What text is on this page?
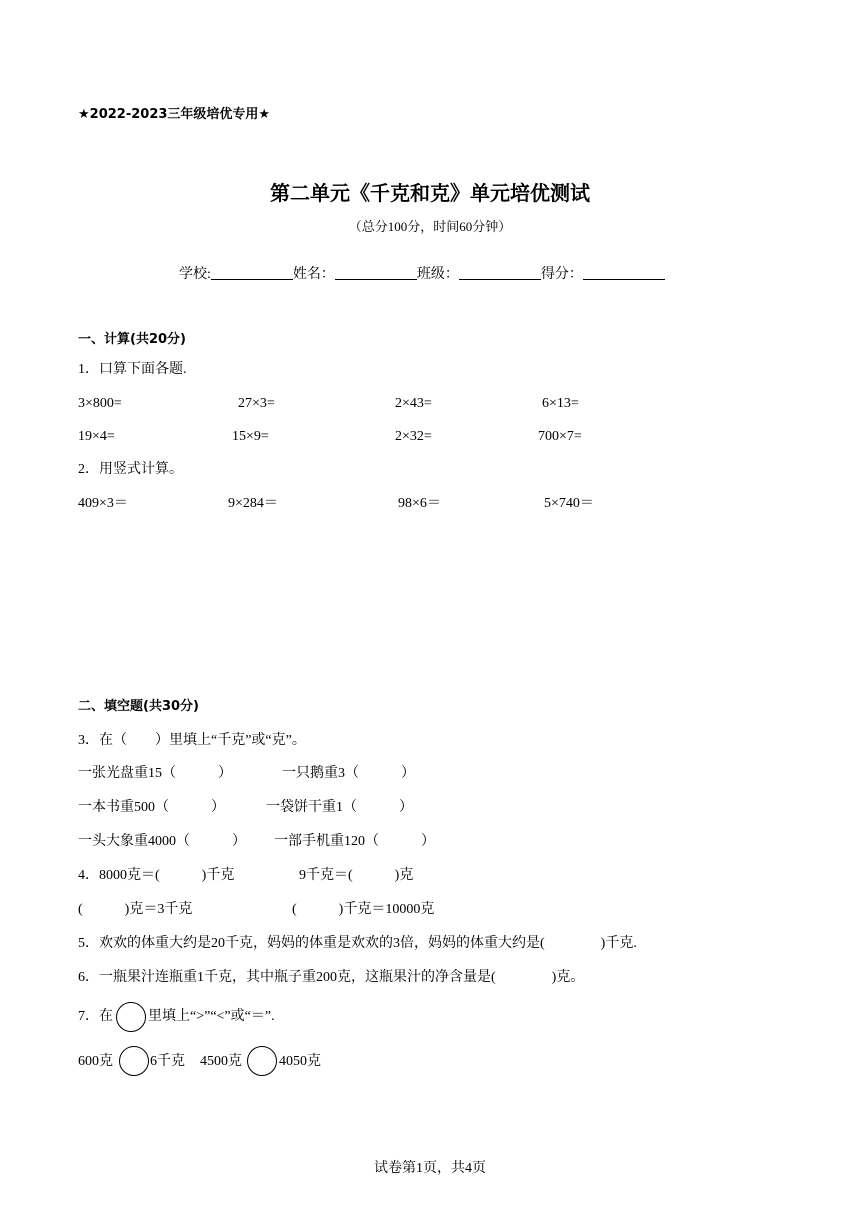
★2022-2023三年级培优专用★
第二单元《千克和克》单元培优测试
（总分100分，时间60分钟）
学校:	姓名：	班级：	得分：
一、计算(共20分)
1．口算下面各题.
3×800=	27×3=	2×43=	6×13=
19×4=	15×9=	2×32=	700×7=
2．用竖式计算。
409×3＝	9×284＝	98×6＝	5×740＝
二、填空题(共30分)
3．在（　　）里填上“千克”或“克”。
一张光盘重15（　　　）	一只鹅重3（　　　）
一本书重500（　　　）	一袋饼干重1（　　　）
一头大象重4000（　　　） 一部手机重120（　　　）
4．8000克＝(　　　)千克	9千克＝(　　　)克
(　　　)克＝3千克	(　　　)千克＝10000克
5．欢欢的体重大约是20千克，妈妈的体重是欢欢的3倍，妈妈的体重大约是(　　　　)千克.
6．一瓶果汁连瓶重1千克，其中瓶子重200克，这瓶果汁的净含量是(　　　　)克。
7．在	里填上“>”“<”或“＝”.
600克	6千克 4500克	4050克
试卷第1页，共4页
